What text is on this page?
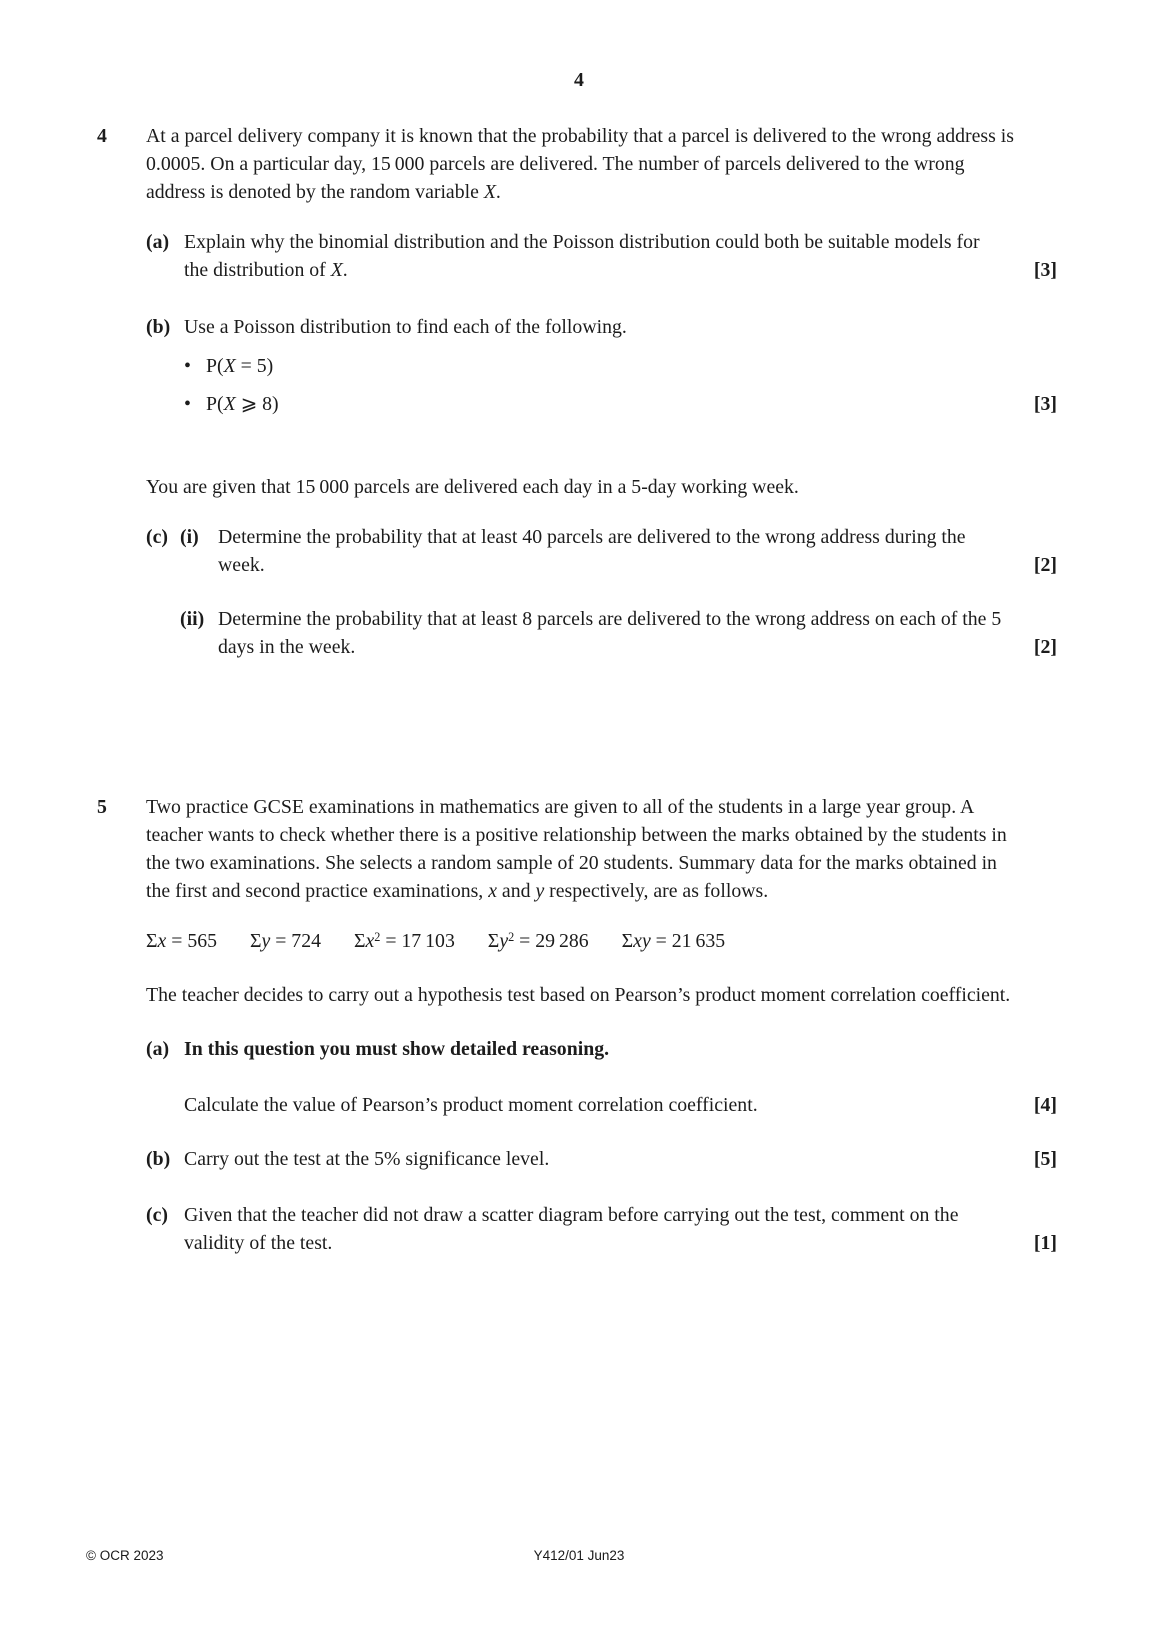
4
4	At a parcel delivery company it is known that the probability that a parcel is delivered to the wrong address is 0.0005. On a particular day, 15 000 parcels are delivered. The number of parcels delivered to the wrong address is denoted by the random variable X.

(a) Explain why the binomial distribution and the Poisson distribution could both be suitable models for the distribution of X.	[3]
(b) Use a Poisson distribution to find each of the following.
• P(X = 5)
• P(X ⩾ 8)	[3]

You are given that 15 000 parcels are delivered each day in a 5-day working week.

(c) (i) Determine the probability that at least 40 parcels are delivered to the wrong address during the week.	[2]
(ii) Determine the probability that at least 8 parcels are delivered to the wrong address on each of the 5 days in the week.	[2]
5	Two practice GCSE examinations in mathematics are given to all of the students in a large year group. A teacher wants to check whether there is a positive relationship between the marks obtained by the students in the two examinations. She selects a random sample of 20 students. Summary data for the marks obtained in the first and second practice examinations, x and y respectively, are as follows.

Σx = 565 Σy = 724 $\Sigma x^2 = 17$ 103 $\Sigma y^2 = 29$ 286 Σxy = 21 635

The teacher decides to carry out a hypothesis test based on Pearson’s product moment correlation coefficient.

(a) In this question you must show detailed reasoning.
Calculate the value of Pearson’s product moment correlation coefficient.	[4]
(b) Carry out the test at the 5% significance level.	[5]
(c) Given that the teacher did not draw a scatter diagram before carrying out the test, comment on the validity of the test.	[1]
© OCR 2023	Y412/01 Jun23
